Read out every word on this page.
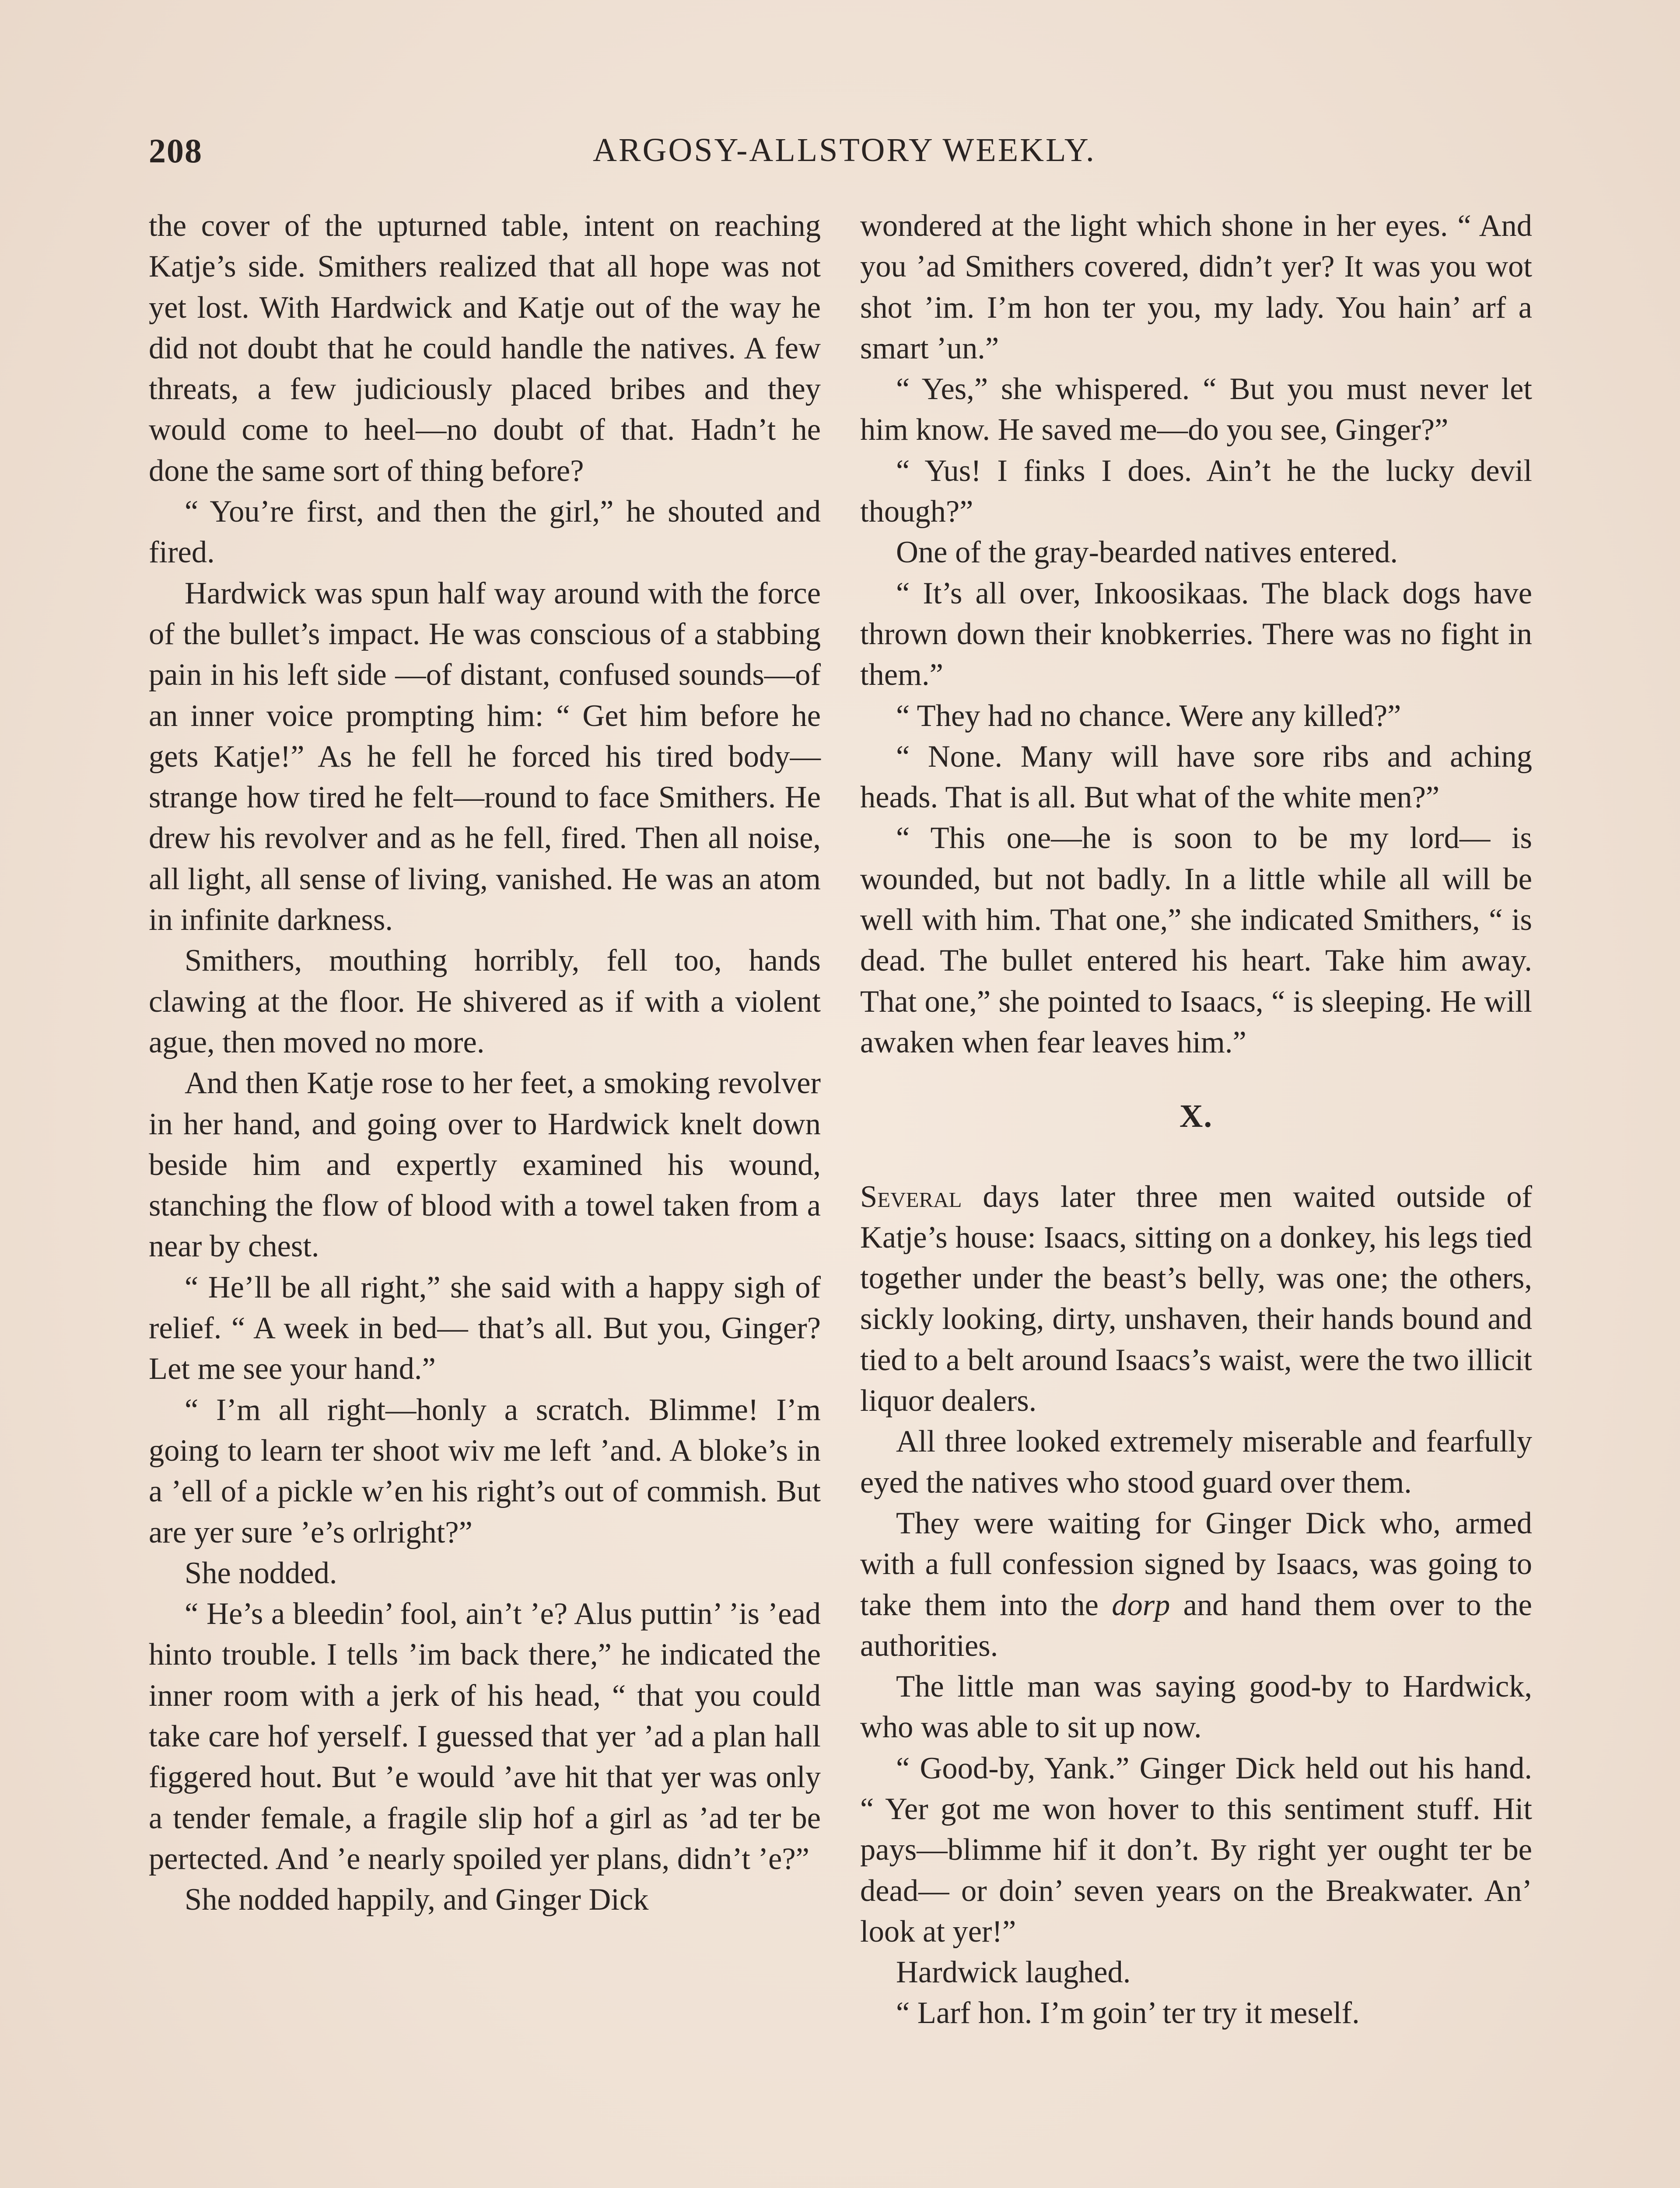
208	ARGOSY-ALLSTORY WEEKLY.

the cover of the upturned table, intent on reaching Katje’s side. Smithers realized that all hope was not yet lost. With Hardwick and Katje out of the way he did not doubt that he could handle the natives. A few threats, a few judiciously placed bribes and they would come to heel—no doubt of that. Hadn’t he done the same sort of thing before?

“ You’re first, and then the girl,” he shouted and fired.

Hardwick was spun half way around with the force of the bullet’s impact. He was conscious of a stabbing pain in his left side —of distant, confused sounds—of an inner voice prompting him: “ Get him before he gets Katje!” As he fell he forced his tired body—strange how tired he felt—round to face Smithers. He drew his revolver and as he fell, fired. Then all noise, all light, all sense of living, vanished. He was an atom in infinite darkness.

Smithers, mouthing horribly, fell too, hands clawing at the floor. He shivered as if with a violent ague, then moved no more.

And then Katje rose to her feet, a smoking revolver in her hand, and going over to Hardwick knelt down beside him and expertly examined his wound, stanching the flow of blood with a towel taken from a near by chest.

“ He’ll be all right,” she said with a happy sigh of relief. “ A week in bed— that’s all. But you, Ginger? Let me see your hand.”

“ I’m all right—honly a scratch. Blimme! I’m going to learn ter shoot wiv me left ’and. A bloke’s in a ’ell of a pickle w’en his right’s out of commish. But are yer sure ’e’s orlright?”

She nodded.

“ He’s a bleedin’ fool, ain’t ’e? Alus puttin’ ’is ’ead hinto trouble. I tells ’im back there,” he indicated the inner room with a jerk of his head, “ that you could take care hof yerself. I guessed that yer ’ad a plan hall figgered hout. But ’e would ’ave hit that yer was only a tender female, a fragile slip hof a girl as ’ad ter be pertected. And ’e nearly spoiled yer plans, didn’t ’e?”

She nodded happily, and Ginger Dick

wondered at the light which shone in her eyes. “ And you ’ad Smithers covered, didn’t yer? It was you wot shot ’im. I’m hon ter you, my lady. You hain’ arf a smart ’un.”

“ Yes,” she whispered. “ But you must never let him know. He saved me—do you see, Ginger?”

“ Yus! I finks I does. Ain’t he the lucky devil though?”

One of the gray-bearded natives entered.

“ It’s all over, Inkoosikaas. The black dogs have thrown down their knobkerries. There was no fight in them.”

“ They had no chance. Were any killed?”

“ None. Many will have sore ribs and aching heads. That is all. But what of the white men?”

“ This one—he is soon to be my lord— is wounded, but not badly. In a little while all will be well with him. That one,” she indicated Smithers, “ is dead. The bullet entered his heart. Take him away. That one,” she pointed to Isaacs, “ is sleeping. He will awaken when fear leaves him.”

X.

Several days later three men waited outside of Katje’s house: Isaacs, sitting on a donkey, his legs tied together under the beast’s belly, was one; the others, sickly looking, dirty, unshaven, their hands bound and tied to a belt around Isaacs’s waist, were the two illicit liquor dealers.

All three looked extremely miserable and fearfully eyed the natives who stood guard over them.

They were waiting for Ginger Dick who, armed with a full confession signed by Isaacs, was going to take them into the dorp and hand them over to the authorities.

The little man was saying good-by to Hardwick, who was able to sit up now.

“ Good-by, Yank.” Ginger Dick held out his hand. “ Yer got me won hover to this sentiment stuff. Hit pays—blimme hif it don’t. By right yer ought ter be dead— or doin’ seven years on the Breakwater. An’ look at yer!”

Hardwick laughed.

“ Larf hon. I’m goin’ ter try it meself.
